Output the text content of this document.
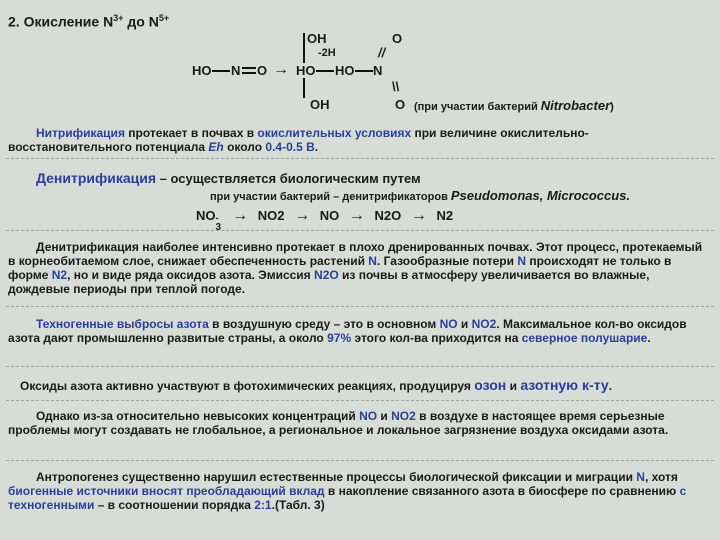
2. Окисление $N^{3+}$ до $N^{5+}$
HO N O →
OH
-2H
HO HO N
OH
O
//
\\
O (при участии бактерий Nitrobacter)

Нитрификация протекает в почвах в окислительных условиях при величине окислительно-восстановительного потенциала Eh около 0.4-0.5 В.

Денитрификация – осуществляется биологическим путем
при участии бактерий – денитрификаторов Pseudomonas, Micrococcus.
NO -
3
→ NO2 → NO → N2O → N2

Денитрификация наиболее интенсивно протекает в плохо дренированных почвах. Этот процесс, протекаемый в корнеобитаемом слое, снижает обеспеченность растений N. Газообразные потери N происходят не только в форме N2, но и виде ряда оксидов азота. Эмиссия N2O из почвы в атмосферу увеличивается во влажные, дождевые периоды при теплой погоде.

Техногенные выбросы азота в воздушную среду – это в основном NO и NO2. Максимальное кол-во оксидов азота дают промышленно развитые страны, а около 97% этого кол-ва приходится на северное полушарие.

Оксиды азота активно участвуют в фотохимических реакциях, продуцируя озон и азотную к-ту.

Однако из-за относительно невысоких концентраций NO и NO2 в воздухе в настоящее время серьезные проблемы могут создавать не глобальное, а региональное и локальное загрязнение воздуха оксидами азота.

Антропогенез существенно нарушил естественные процессы биологической фиксации и миграции N, хотя биогенные источники вносят преобладающий вклад в накопление связанного азота в биосфере по сравнению с техногенными – в соотношении порядка 2:1.(Табл. 3)
